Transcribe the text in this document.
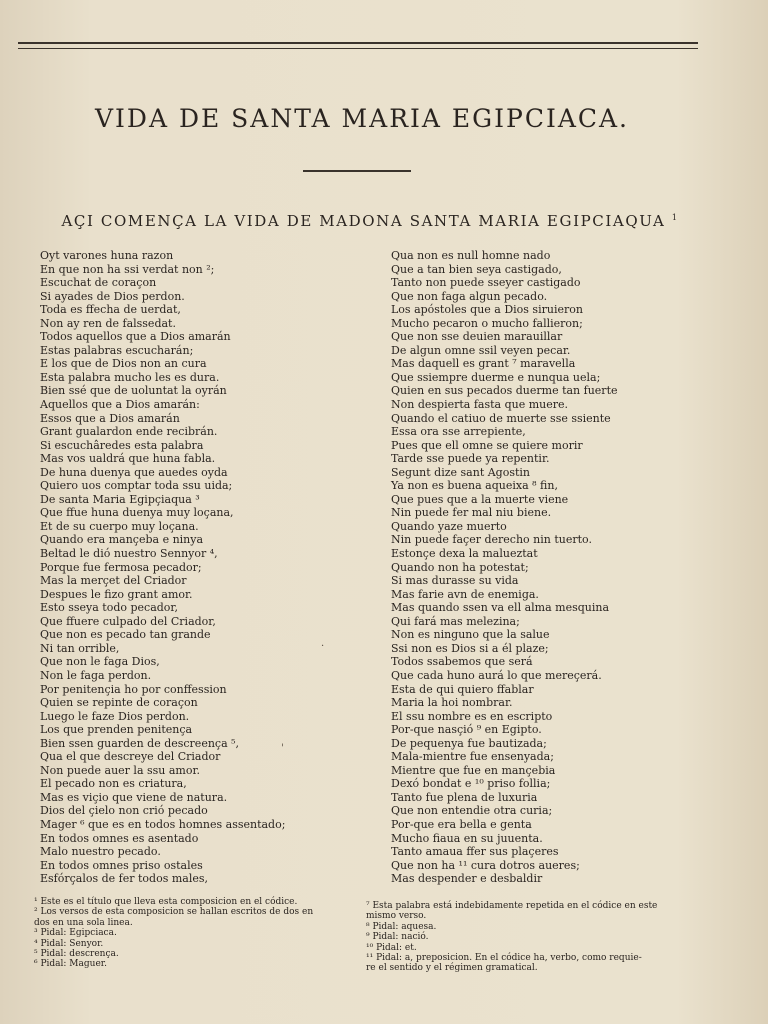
VIDA DE SANTA MARIA EGIPCIACA.
AÇI COMENÇA LA VIDA DE MADONA SANTA MARIA EGIPCIAQUA $^1$
Oyt varones huna razon
En que non ha ssi verdat non ²;
Escuchat de coraçon
Si ayades de Dios perdon.
Toda es ffecha de uerdat,
Non ay ren de falssedat.
Todos aquellos que a Dios amarán
Estas palabras escucharán;
E los que de Dios non an cura
Esta palabra mucho les es dura.
Bien ssé que de uoluntat la oyrán
Aquellos que a Dios amarán:
Essos que a Dios amarán
Grant gualardon ende recibrán.
Si escuchâredes esta palabra
Mas vos ualdrá que huna fabla.
De huna duenya que auedes oyda
Quiero uos comptar toda ssu uida;
De santa Maria Egipçiaqua ³
Que ffue huna duenya muy loçana,
Et de su cuerpo muy loçana.
Quando era mançeba e ninya
Beltad le dió nuestro Sennyor ⁴,
Porque fue fermosa pecador;
Mas la merçet del Criador
Despues le fizo grant amor.
Esto sseya todo pecador,
Que ffuere culpado del Criador,
Que non es pecado tan grande
Ni tan orrible,
Que non le faga Dios,
Non le faga perdon.
Por penitençia ho por conffession
Quien se repinte de coraçon
Luego le faze Dios perdon.
Los que prenden penitença
Bien ssen guarden de descreença ⁵,
Qua el que descreye del Criador
Non puede auer la ssu amor.
El pecado non es criatura,
Mas es viçio que viene de natura.
Dios del çielo non crió pecado
Mager ⁶ que es en todos homnes assentado;
En todos omnes es asentado
Malo nuestro pecado.
En todos omnes priso ostales
Esfórçalos de fer todos males,
Qua non es null homne nado
Que a tan bien seya castigado,
Tanto non puede sseyer castigado
Que non faga algun pecado.
Los apóstoles que a Dios siruieron
Mucho pecaron o mucho fallieron;
Que non sse deuien marauillar
De algun omne ssil veyen pecar.
Mas daquell es grant ⁷ maravella
Que ssiempre duerme e nunqua uela;
Quien en sus pecados duerme tan fuerte
Non despierta fasta que muere.
Quando el catiuo de muerte sse ssiente
Essa ora sse arrepiente,
Pues que ell omne se quiere morir
Tarde sse puede ya repentir.
Segunt dize sant Agostin
Ya non es buena aqueixa ⁸ fin,
Que pues que a la muerte viene
Nin puede fer mal niu biene.
Quando yaze muerto
Nin puede façer derecho nin tuerto.
Estonçe dexa la malueztat
Quando non ha potestat;
Si mas durasse su vida
Mas farie avn de enemiga.
Mas quando ssen va ell alma mesquina
Qui fará mas melezina;
Non es ninguno que la salue
Ssi non es Dios si a él plaze;
Todos ssabemos que será
Que cada huno aurá lo que mereçerá.
Esta de qui quiero ffablar
Maria la hoi nombrar.
El ssu nombre es en escripto
Por-que nasçió ⁹ en Egipto.
De pequenya fue bautizada;
Mala-mientre fue ensenyada;
Mientre que fue en mançebia
Dexó bondat e ¹⁰ priso follia;
Tanto fue plena de luxuria
Que non entendie otra curia;
Por-que era bella e genta
Mucho fiaua en su juuenta.
Tanto amaua ffer sus plaçeres
Que non ha ¹¹ cura dotros aueres;
Mas despender e desbaldir
¹ Este es el título que lleva esta composicion en el códice.
² Los versos de esta composicion se hallan escritos de dos en
dos en una sola linea.
³ Pidal: Egipciaca.
⁴ Pidal: Senyor.
⁵ Pidal: descrença.
⁶ Pidal: Maguer.
⁷ Esta palabra está indebidamente repetida en el códice en este
mismo verso.
⁸ Pidal: aquesa.
⁹ Pidal: nació.
¹⁰ Pidal: et.
¹¹ Pidal: a, preposicion. En el códice ha, verbo, como requie-
re el sentido y el régimen gramatical.
'
·
